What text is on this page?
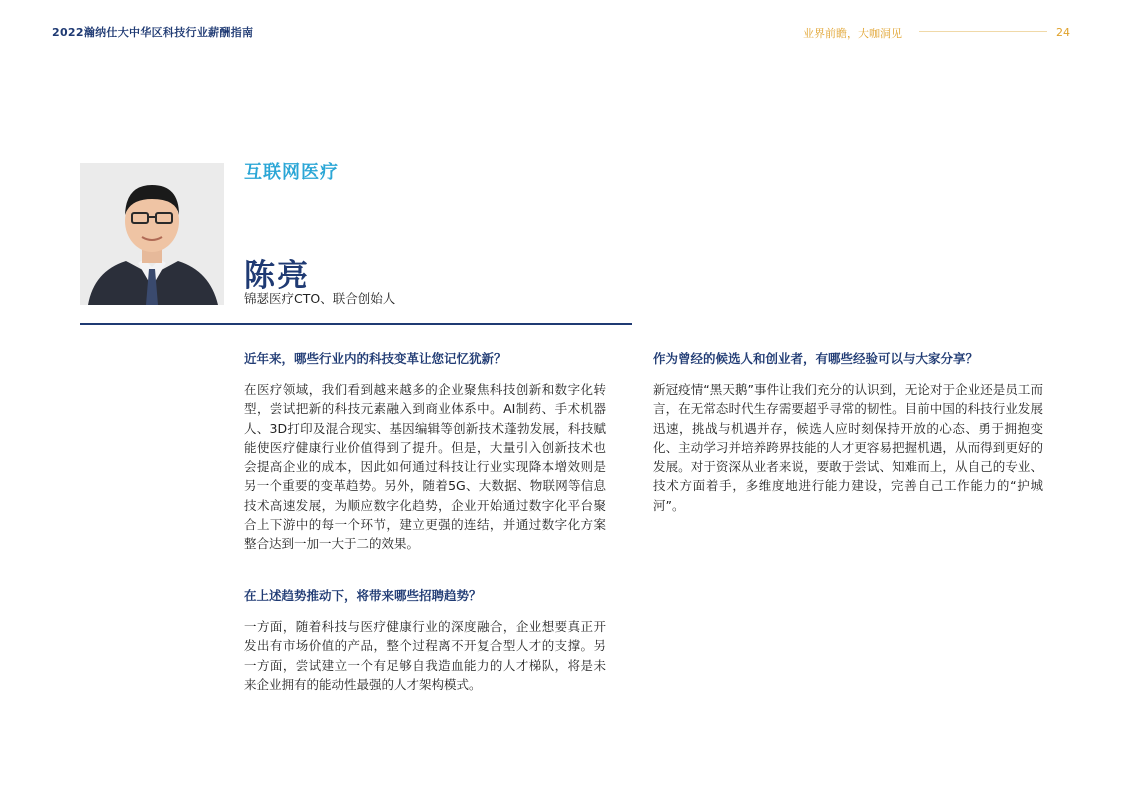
2022瀚纳仕大中华区科技行业薪酬指南	业界前瞻，大咖洞见	24
互联网医疗
陈亮
锦瑟医疗CTO、联合创始人

近年来，哪些行业内的科技变革让您记忆犹新？

在医疗领域，我们看到越来越多的企业聚焦科技创新和数字化转型，尝试把新的科技元素融入到商业体系中。AI制药、手术机器人、3D打印及混合现实、基因编辑等创新技术蓬勃发展，科技赋能使医疗健康行业价值得到了提升。但是，大量引入创新技术也会提高企业的成本，因此如何通过科技让行业实现降本增效则是另一个重要的变革趋势。另外，随着5G、大数据、物联网等信息技术高速发展，为顺应数字化趋势，企业开始通过数字化平台聚合上下游中的每一个环节，建立更强的连结，并通过数字化方案整合达到一加一大于二的效果。

在上述趋势推动下，将带来哪些招聘趋势？

一方面，随着科技与医疗健康行业的深度融合，企业想要真正开发出有市场价值的产品，整个过程离不开复合型人才的支撑。另一方面，尝试建立一个有足够自我造血能力的人才梯队，将是未来企业拥有的能动性最强的人才架构模式。

作为曾经的候选人和创业者，有哪些经验可以与大家分享？

新冠疫情“黑天鹅”事件让我们充分的认识到，无论对于企业还是员工而言，在无常态时代生存需要超乎寻常的韧性。目前中国的科技行业发展迅速，挑战与机遇并存，候选人应时刻保持开放的心态、勇于拥抱变化、主动学习并培养跨界技能的人才更容易把握机遇，从而得到更好的发展。对于资深从业者来说，要敢于尝试、知难而上，从自己的专业、技术方面着手，多维度地进行能力建设，完善自己工作能力的“护城河”。
